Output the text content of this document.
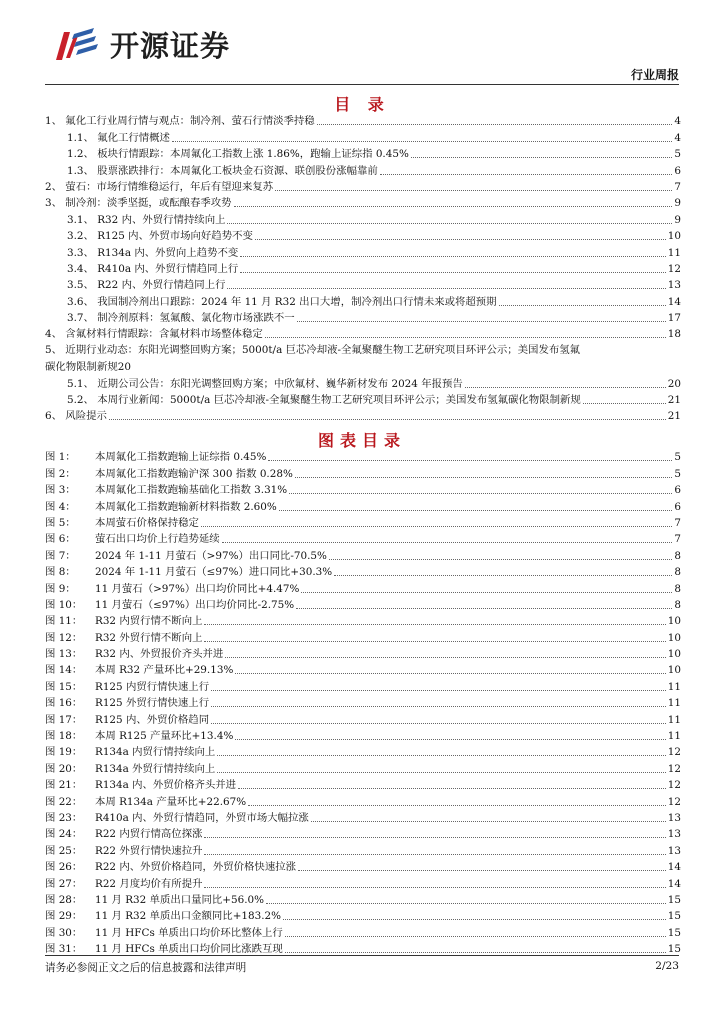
开源证券
行业周报
目 录
1、 氟化工行业周行情与观点：制冷剂、萤石行情淡季持稳	4
1.1、 氟化工行情概述	4
1.2、 板块行情跟踪：本周氟化工指数上涨 1.86%，跑输上证综指 0.45%	5
1.3、 股票涨跌排行：本周氟化工板块金石资源、联创股份涨幅靠前	6
2、 萤石：市场行情维稳运行，年后有望迎来复苏	7
3、 制冷剂：淡季坚挺，或酝酿春季攻势	9
3.1、 R32 内、外贸行情持续向上	9
3.2、 R125 内、外贸市场向好趋势不变	10
3.3、 R134a 内、外贸向上趋势不变	11
3.4、 R410a 内、外贸行情趋同上行	12
3.5、 R22 内、外贸行情趋同上行	13
3.6、 我国制冷剂出口跟踪：2024 年 11 月 R32 出口大增，制冷剂出口行情未来或将超预期	14
3.7、 制冷剂原料：氢氟酸、氯化物市场涨跌不一	17
4、 含氟材料行情跟踪：含氟材料市场整体稳定	18
5、 近期行业动态：东阳光调整回购方案；5000t/a 巨芯冷却液-全氟聚醚生物工艺研究项目环评公示；美国发布氢氟
碳化物限制新规 20
5.1、 近期公司公告：东阳光调整回购方案；中欣氟材、巍华新材发布 2024 年报预告	20
5.2、 本周行业新闻：5000t/a 巨芯冷却液-全氟聚醚生物工艺研究项目环评公示；美国发布氢氟碳化物限制新规	21
6、 风险提示	21
图表目录
图 1： 本周氟化工指数跑输上证综指 0.45%	5
图 2： 本周氟化工指数跑输沪深 300 指数 0.28%	5
图 3： 本周氟化工指数跑输基础化工指数 3.31%	6
图 4： 本周氟化工指数跑输新材料指数 2.60%	6
图 5： 本周萤石价格保持稳定	7
图 6： 萤石出口均价上行趋势延续	7
图 7： 2024 年 1-11 月萤石（>97%）出口同比-70.5%	8
图 8： 2024 年 1-11 月萤石（≤97%）进口同比+30.3%	8
图 9： 11 月萤石（>97%）出口均价同比+4.47%	8
图 10： 11 月萤石（≤97%）出口均价同比-2.75%	8
图 11： R32 内贸行情不断向上	10
图 12： R32 外贸行情不断向上	10
图 13： R32 内、外贸报价齐头并进	10
图 14： 本周 R32 产量环比+29.13%	10
图 15： R125 内贸行情快速上行	11
图 16： R125 外贸行情快速上行	11
图 17： R125 内、外贸价格趋同	11
图 18： 本周 R125 产量环比+13.4%	11
图 19： R134a 内贸行情持续向上	12
图 20： R134a 外贸行情持续向上	12
图 21： R134a 内、外贸价格齐头并进	12
图 22： 本周 R134a 产量环比+22.67%	12
图 23： R410a 内、外贸行情趋同，外贸市场大幅拉涨	13
图 24： R22 内贸行情高位探涨	13
图 25： R22 外贸行情快速拉升	13
图 26： R22 内、外贸价格趋同，外贸价格快速拉涨	14
图 27： R22 月度均价有所提升	14
图 28： 11 月 R32 单质出口量同比+56.0%	15
图 29： 11 月 R32 单质出口金额同比+183.2%	15
图 30： 11 月 HFCs 单质出口均价环比整体上行	15
图 31： 11 月 HFCs 单质出口均价同比涨跌互现	15
请务必参阅正文之后的信息披露和法律声明	2/23
